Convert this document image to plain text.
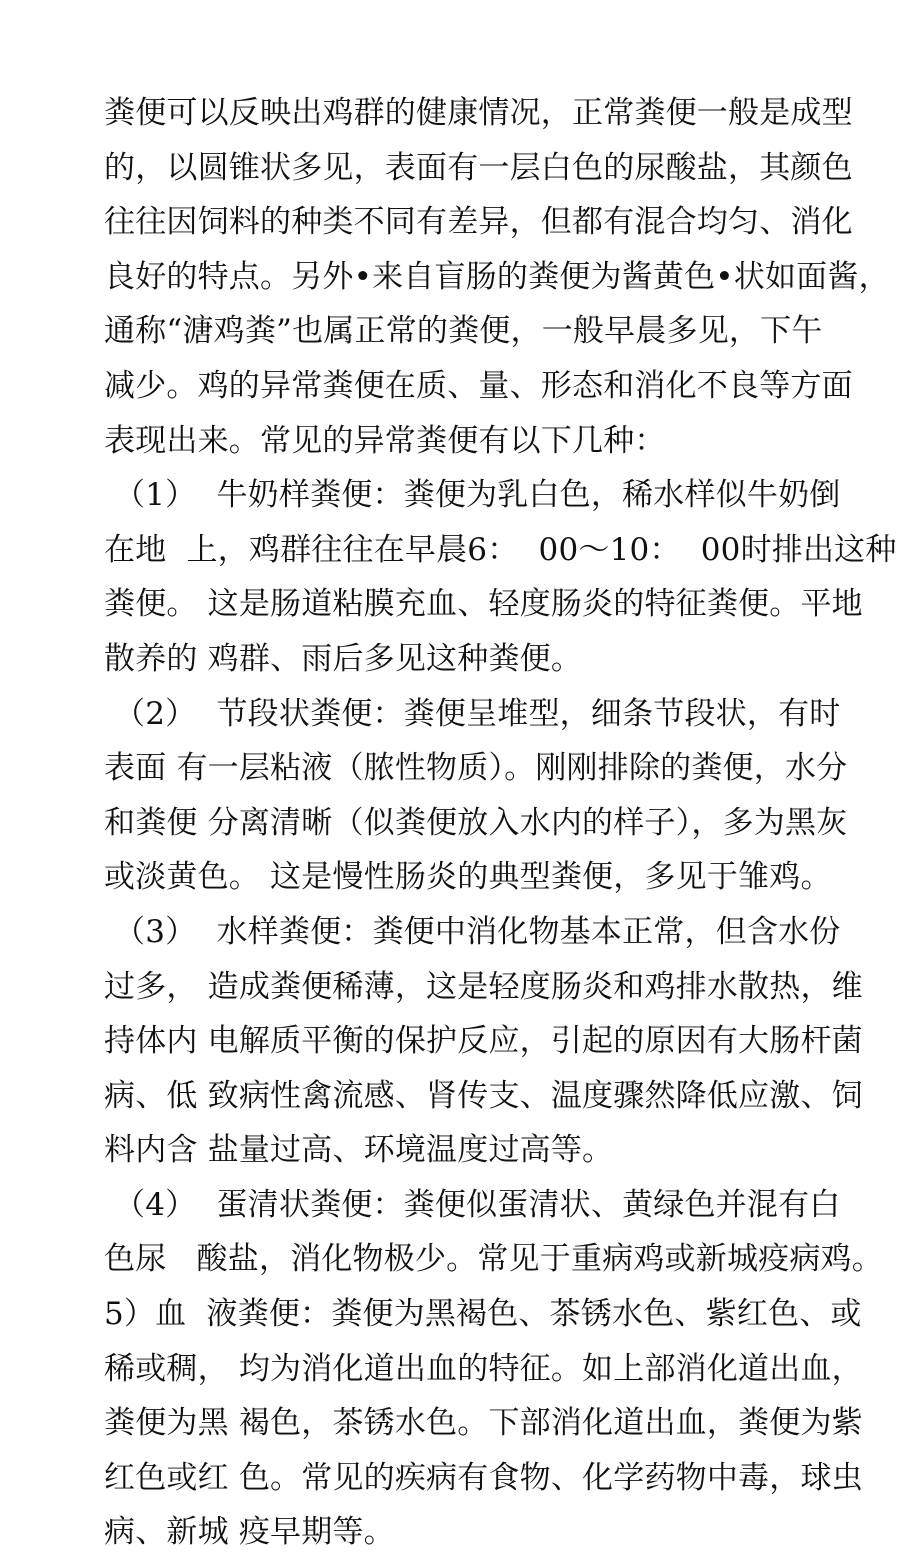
粪便可以反映出鸡群的健康情况，正常粪便一般是成型
的，以圆锥状多见，表面有一层白色的尿酸盐，其颜色
往往因饲料的种类不同有差异，但都有混合均匀、消化
良好的特点。另外•来自盲肠的粪便为酱黄色•状如面酱，
通称“溏鸡粪”也属正常的粪便，一般早晨多见，下午
减少。鸡的异常粪便在质、量、形态和消化不良等方面
表现出来。常见的异常粪便有以下几种：
（1）  牛奶样粪便：粪便为乳白色，稀水样似牛奶倒
在地  上，鸡群往往在早晨6：  00〜10：  00时排出这种
粪便。 这是肠道粘膜充血、轻度肠炎的特征粪便。平地
散养的 鸡群、雨后多见这种粪便。
（2）  节段状粪便：粪便呈堆型，细条节段状，有时
表面 有一层粘液（脓性物质）。刚刚排除的粪便，水分
和粪便 分离清晰（似粪便放入水内的样子），多为黑灰
或淡黄色。 这是慢性肠炎的典型粪便，多见于雏鸡。
（3）  水样粪便：粪便中消化物基本正常，但含水份
过多， 造成粪便稀薄，这是轻度肠炎和鸡排水散热，维
持体内 电解质平衡的保护反应，引起的原因有大肠杆菌
病、低 致病性禽流感、肾传支、温度骤然降低应激、饲
料内含 盐量过高、环境温度过高等。
（4）  蛋清状粪便：粪便似蛋清状、黄绿色并混有白
色尿   酸盐，消化物极少。常见于重病鸡或新城疫病鸡。
5）血  液粪便：粪便为黑褐色、茶锈水色、紫红色、或
稀或稠， 均为消化道出血的特征。如上部消化道出血，
粪便为黑 褐色，茶锈水色。下部消化道出血，粪便为紫
红色或红 色。常见的疾病有食物、化学药物中毒，球虫
病、新城 疫早期等。
